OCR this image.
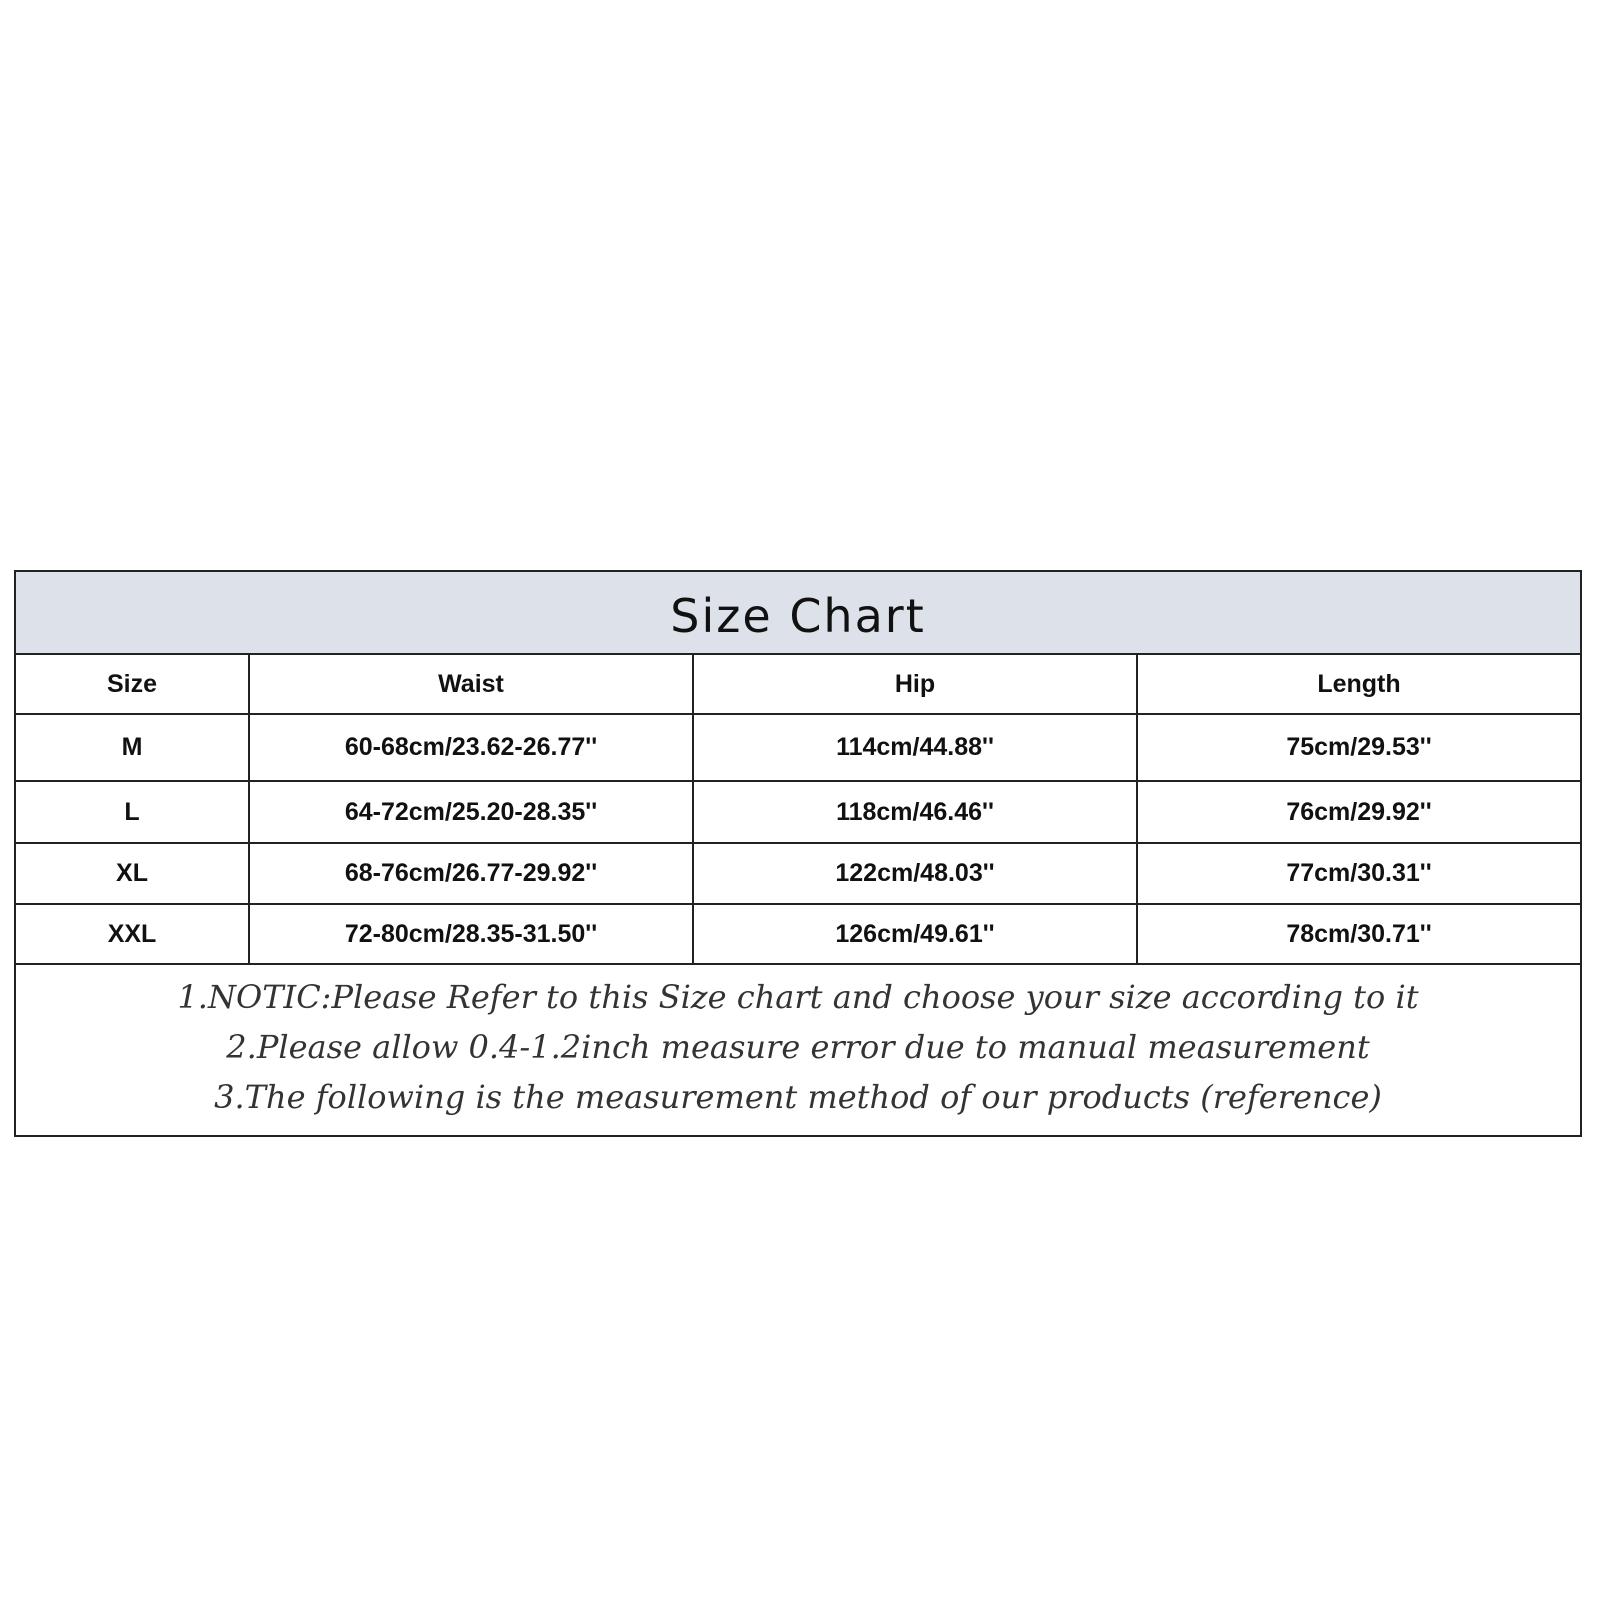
Size Chart
Size	Waist	Hip	Length
M	60-68cm/23.62-26.77''	114cm/44.88''	75cm/29.53''
L	64-72cm/25.20-28.35''	118cm/46.46''	76cm/29.92''
XL	68-76cm/26.77-29.92''	122cm/48.03''	77cm/30.31''
XXL	72-80cm/28.35-31.50''	126cm/49.61''	78cm/30.71''
1.NOTIC:Please Refer to this Size chart and choose your size according to it
2.Please allow 0.4-1.2inch measure error due to manual measurement
3.The following is the measurement method of our products (reference)
